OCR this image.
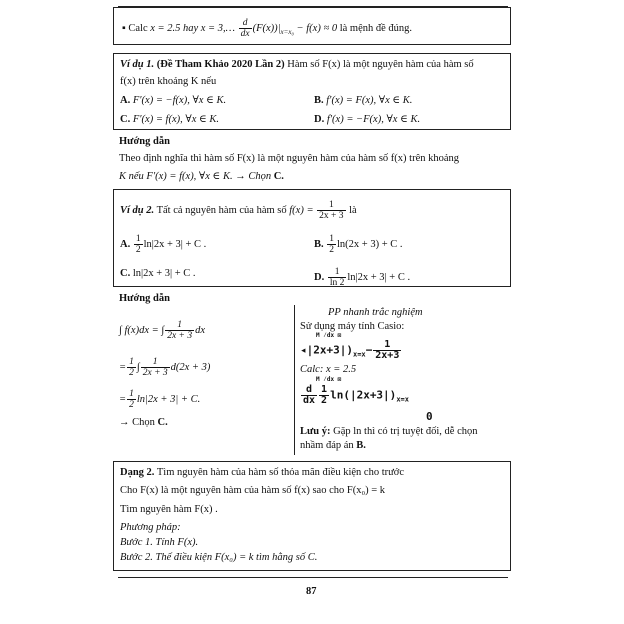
▪ Calc x = 2.5 hay x = 3,… $\frac{d}{dx} (F(x))|_{x=x_0} - f(x) \approx 0$ là mệnh đề đúng.
Ví dụ 1. (Đề Tham Khảo 2020 Lần 2) Hàm số F(x) là một nguyên hàm của hàm số
f(x) trên khoảng K nếu
A. F′(x) = −f(x), ∀x ∈ K.	B. f′(x) = F(x), ∀x ∈ K.
C. F′(x) = f(x), ∀x ∈ K.	D. f′(x) = −F(x), ∀x ∈ K.
Hướng dẫn
Theo định nghĩa thì hàm số F(x) là một nguyên hàm của hàm số f(x) trên khoảng
K nếu F′(x) = f(x), ∀x ∈ K. → Chọn C.
Ví dụ 2. Tất cả nguyên hàm của hàm số $f(x) = \frac{1}{2x + 3}$ là
A. $\frac{1}{2} \ln|2x + 3| + C$ .	B. $\frac{1}{2} \ln(2x + 3) + C$ .
C. ln|2x + 3| + C .	D. $\frac{1}{\ln 2} \ln|2x + 3| + C$ .
Hướng dẫn
∫ f(x)dx = ∫ $\frac{1}{2x + 3}$ dx
= $\frac{1}{2}$ ∫ $\frac{1}{2x + 3} d(2x + 3)$
= $\frac{1}{2} \ln|2x + 3| + C$.
→ Chọn C.
PP nhanh trắc nghiệm
Sử dụng máy tính Casio:
M ⁄dx ⊠
$◂|2x+3|)_{x=x}- \frac{1}{2x+3}$
Calc: x = 2.5
M ⁄dx ⊠
$\frac{d}{dx} \frac{1}{2} \ln(|2x+3|)_{x=x}$
0
Lưu ý: Gặp ln thì có trị tuyệt đối, dễ chọn
nhầm đáp án B.
Dạng 2. Tìm nguyên hàm của hàm số thỏa mãn điều kiện cho trước
Cho F(x) là một nguyên hàm của hàm số f(x) sao cho F(x₀) = k
Tìm nguyên hàm F(x) .
Phương pháp:
Bước 1. Tính F(x).
Bước 2. Thế điều kiện F(x₀) = k tìm hằng số C.
87
